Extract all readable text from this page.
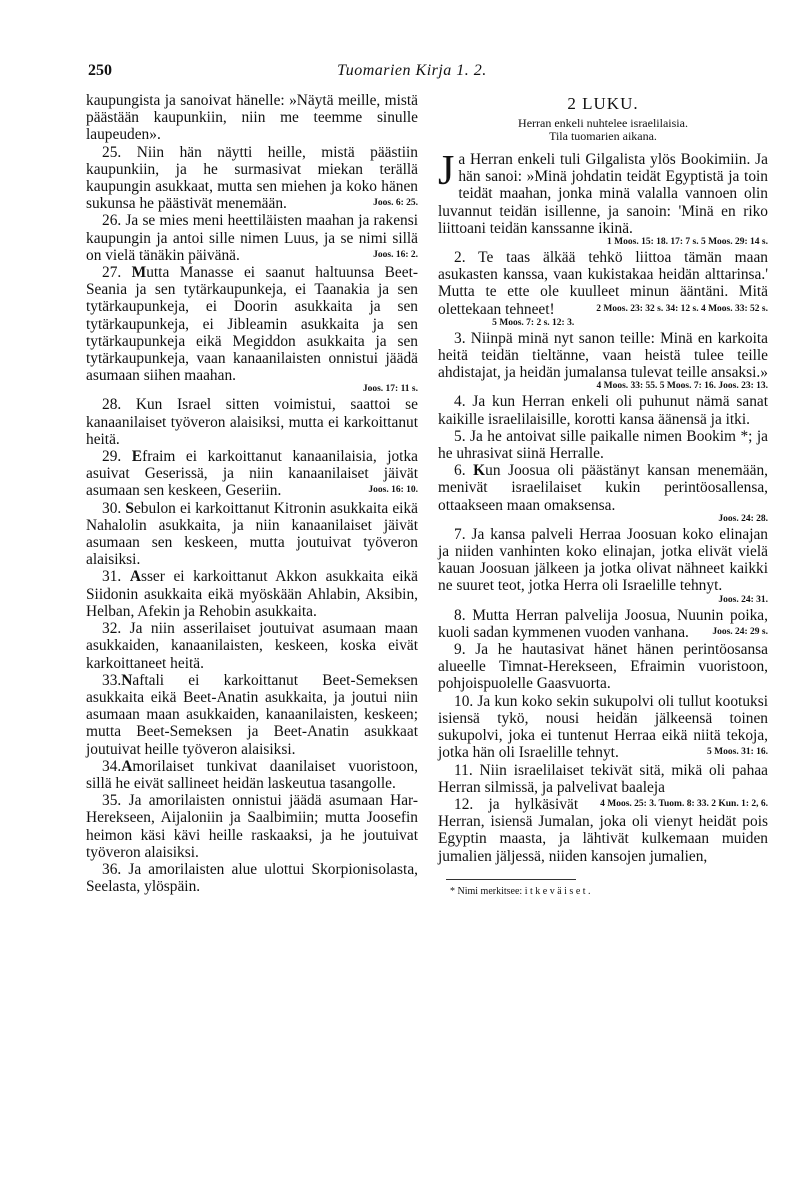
250	Tuomarien Kirja 1. 2.

kaupungista ja sanoivat hänelle: »Näytä meille, mistä päästään kaupunkiin, niin me teemme sinulle laupeuden».

25. Niin hän näytti heille, mistä päästiin kaupunkiin, ja he surmasivat miekan terällä kaupungin asukkaat, mutta sen miehen ja koko hänen sukunsa he päästivät menemään.	Joos. 6: 25.

26. Ja se mies meni heettiläisten maahan ja rakensi kaupungin ja antoi sille nimen Luus, ja se nimi sillä on vielä tänäkin päivänä.	Joos. 16: 2.

27. Mutta Manasse ei saanut haltuunsa Beet-Seania ja sen tytärkaupunkeja, ei Taanakia ja sen tytärkaupunkeja, ei Doorin asukkaita ja sen tytärkaupunkeja, ei Jibleamin asukkaita ja sen tytärkaupunkeja eikä Megiddon asukkaita ja sen tytärkaupunkeja, vaan kanaanilaisten onnistui jäädä asumaan siihen maahan.

Joos. 17: 11 s.

28. Kun Israel sitten voimistui, saattoi se kanaanilaiset työveron alaisiksi, mutta ei karkoittanut heitä.

29. Efraim ei karkoittanut kanaanilaisia, jotka asuivat Geserissä, ja niin kanaanilaiset jäivät asumaan sen keskeen, Geseriin.	Joos. 16: 10.

30. Sebulon ei karkoittanut Kitronin asukkaita eikä Nahalolin asukkaita, ja niin kanaanilaiset jäivät asumaan sen keskeen, mutta joutuivat työveron alaisiksi.

31. Asser ei karkoittanut Akkon asukkaita eikä Siidonin asukkaita eikä myöskään Ahlabin, Aksibin, Helban, Afekin ja Rehobin asukkaita.

32. Ja niin asserilaiset joutuivat asumaan maan asukkaiden, kanaanilaisten, keskeen, koska eivät karkoittaneet heitä.

33.Naftali ei karkoittanut Beet-Semeksen asukkaita eikä Beet-Anatin asukkaita, ja joutui niin asumaan maan asukkaiden, kanaanilaisten, keskeen; mutta Beet-Semeksen ja Beet-Anatin asukkaat joutuivat heille työveron alaisiksi.

34.Amorilaiset tunkivat daanilaiset vuoristoon, sillä he eivät sallineet heidän laskeutua tasangolle.

35. Ja amorilaisten onnistui jäädä asumaan Har-Herekseen, Aijaloniin ja Saalbimiin; mutta Joosefin heimon käsi kävi heille raskaaksi, ja he joutuivat työveron alaisiksi.

36. Ja amorilaisten alue ulottui Skorpionisolasta, Seelasta, ylöspäin.

2 LUKU.

Herran enkeli nuhtelee israelilaisia.

Tila tuomarien aikana.

Ja Herran enkeli tuli Gilgalista ylös Bookimiin. Ja hän sanoi: »Minä johdatin teidät Egyptistä ja toin teidät maahan, jonka minä valalla vannoen olin luvannut teidän isillenne, ja sanoin: 'Minä en riko liittoani teidän kanssanne ikinä.

1 Moos. 15: 18. 17: 7 s. 5 Moos. 29: 14 s.

2. Te taas älkää tehkö liittoa tämän maan asukasten kanssa, vaan kukistakaa heidän alttarinsa.' Mutta te ette ole kuulleet minun ääntäni. Mitä olettekaan tehneet!	2 Moos. 23: 32 s. 34: 12 s. 4 Moos. 33: 52 s.

5 Moos. 7: 2 s. 12: 3.

3. Niinpä minä nyt sanon teille: Minä en karkoita heitä teidän tieltänne, vaan heistä tulee teille ahdistajat, ja heidän jumalansa tulevat teille ansaksi.»

4 Moos. 33: 55. 5 Moos. 7: 16. Joos. 23: 13.

4. Ja kun Herran enkeli oli puhunut nämä sanat kaikille israelilaisille, korotti kansa äänensä ja itki.

5. Ja he antoivat sille paikalle nimen Bookim *; ja he uhrasivat siinä Herralle.

6. Kun Joosua oli päästänyt kansan menemään, menivät israelilaiset kukin perintöosallensa, ottaakseen maan omaksensa.

Joos. 24: 28.

7. Ja kansa palveli Herraa Joosuan koko elinajan ja niiden vanhinten koko elinajan, jotka elivät vielä kauan Joosuan jälkeen ja jotka olivat nähneet kaikki ne suuret teot, jotka Herra oli Israelille tehnyt.

Joos. 24: 31.

8. Mutta Herran palvelija Joosua, Nuunin poika, kuoli sadan kymmenen vuoden vanhana.	Joos. 24: 29 s.

9. Ja he hautasivat hänet hänen perintöosansa alueelle Timnat-Herekseen, Efraimin vuoristoon, pohjoispuolelle Gaasvuorta.

10. Ja kun koko sekin sukupolvi oli tullut kootuksi isiensä tykö, nousi heidän jälkeensä toinen sukupolvi, joka ei tuntenut Herraa eikä niitä tekoja, jotka hän oli Israelille tehnyt.	5 Moos. 31: 16.

11. Niin israelilaiset tekivät sitä, mikä oli pahaa Herran silmissä, ja palvelivat baaleja
4 Moos. 25: 3. Tuom. 8: 33. 2 Kun. 1: 2, 6.

12. ja hylkäsivät Herran, isiensä Jumalan, joka oli vienyt heidät pois Egyptin maasta, ja lähtivät kulkemaan muiden jumalien jäljessä, niiden kansojen jumalien,

* Nimi merkitsee: itkeväiset.
